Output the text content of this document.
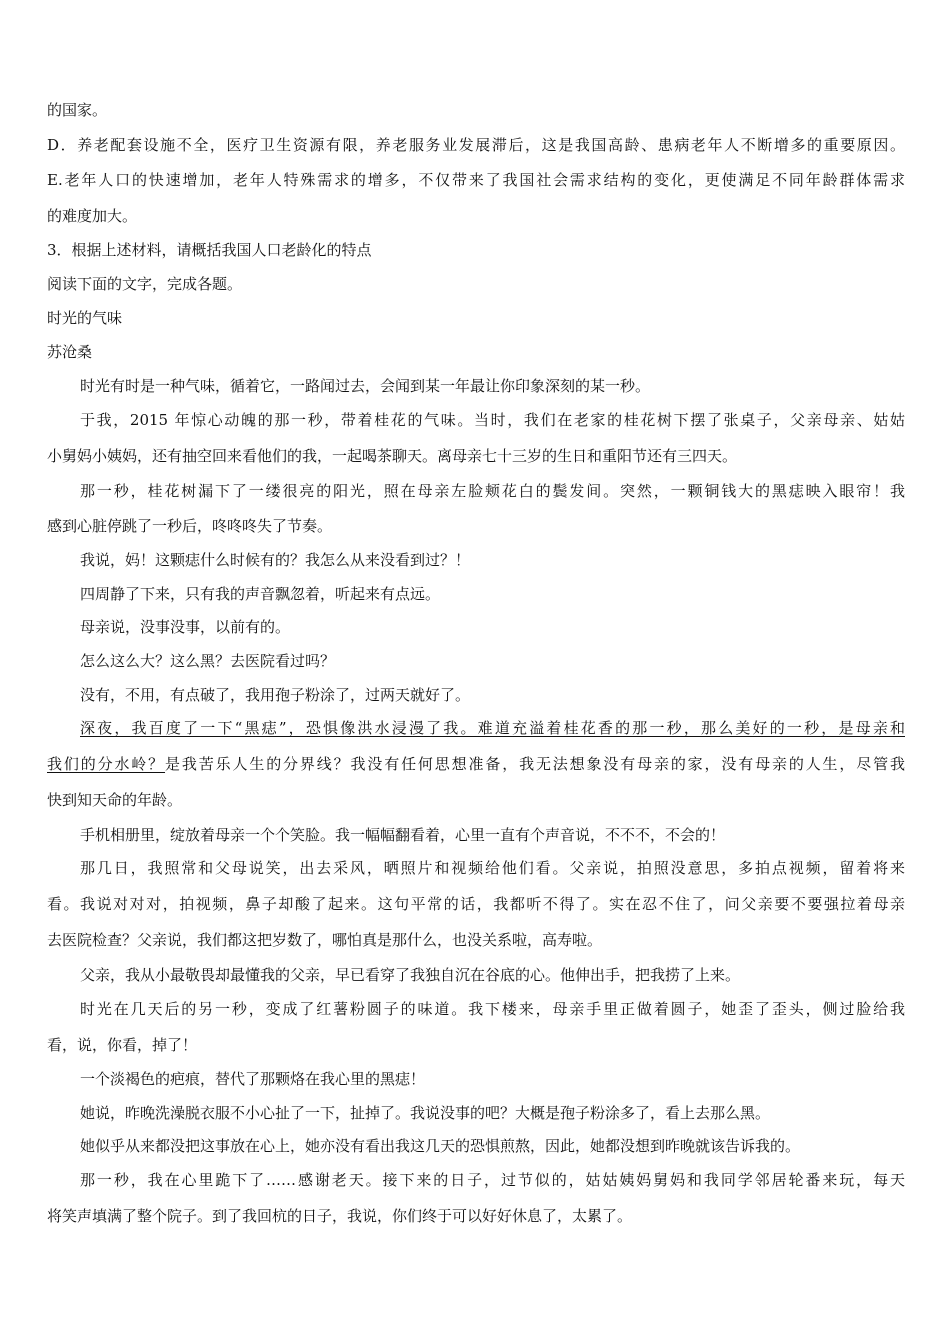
的国家。
D．养老配套设施不全，医疗卫生资源有限，养老服务业发展滞后，这是我国高龄、患病老年人不断增多的重要原因。
E.老年人口的快速增加，老年人特殊需求的增多，不仅带来了我国社会需求结构的变化，更使满足不同年龄群体需求
的难度加大。
3．根据上述材料，请概括我国人口老龄化的特点
阅读下面的文字，完成各题。
时光的气味
苏沧桑
时光有时是一种气味，循着它，一路闻过去，会闻到某一年最让你印象深刻的某一秒。
于我，2015 年惊心动魄的那一秒，带着桂花的气味。当时，我们在老家的桂花树下摆了张桌子，父亲母亲、姑姑
小舅妈小姨妈，还有抽空回来看他们的我，一起喝茶聊天。离母亲七十三岁的生日和重阳节还有三四天。
那一秒，桂花树漏下了一缕很亮的阳光，照在母亲左脸颊花白的鬓发间。突然，一颗铜钱大的黑痣映入眼帘！我
感到心脏停跳了一秒后，咚咚咚失了节奏。
我说，妈！这颗痣什么时候有的？我怎么从来没看到过？！
四周静了下来，只有我的声音飘忽着，听起来有点远。
母亲说，没事没事，以前有的。
怎么这么大？这么黑？去医院看过吗？
没有，不用，有点破了，我用孢子粉涂了，过两天就好了。
深夜，我百度了一下“黑痣”，恐惧像洪水浸漫了我。难道充溢着桂花香的那一秒，那么美好的一秒，是母亲和
我们的分水岭？是我苦乐人生的分界线？我没有任何思想准备，我无法想象没有母亲的家，没有母亲的人生，尽管我
快到知天命的年龄。
手机相册里，绽放着母亲一个个笑脸。我一幅幅翻看着，心里一直有个声音说，不不不，不会的！
那几日，我照常和父母说笑，出去采风，晒照片和视频给他们看。父亲说，拍照没意思，多拍点视频，留着将来
看。我说对对对，拍视频，鼻子却酸了起来。这句平常的话，我都听不得了。实在忍不住了，问父亲要不要强拉着母亲
去医院检查？父亲说，我们都这把岁数了，哪怕真是那什么，也没关系啦，高寿啦。
父亲，我从小最敬畏却最懂我的父亲，早已看穿了我独自沉在谷底的心。他伸出手，把我捞了上来。
时光在几天后的另一秒，变成了红薯粉圆子的味道。我下楼来，母亲手里正做着圆子，她歪了歪头，侧过脸给我
看，说，你看，掉了！
一个淡褐色的疤痕，替代了那颗烙在我心里的黑痣！
她说，昨晚洗澡脱衣服不小心扯了一下，扯掉了。我说没事的吧？大概是孢子粉涂多了，看上去那么黑。
她似乎从来都没把这事放在心上，她亦没有看出我这几天的恐惧煎熬，因此，她都没想到昨晚就该告诉我的。
那一秒，我在心里跪下了……感谢老天。接下来的日子，过节似的，姑姑姨妈舅妈和我同学邻居轮番来玩，每天
将笑声填满了整个院子。到了我回杭的日子，我说，你们终于可以好好休息了，太累了。
